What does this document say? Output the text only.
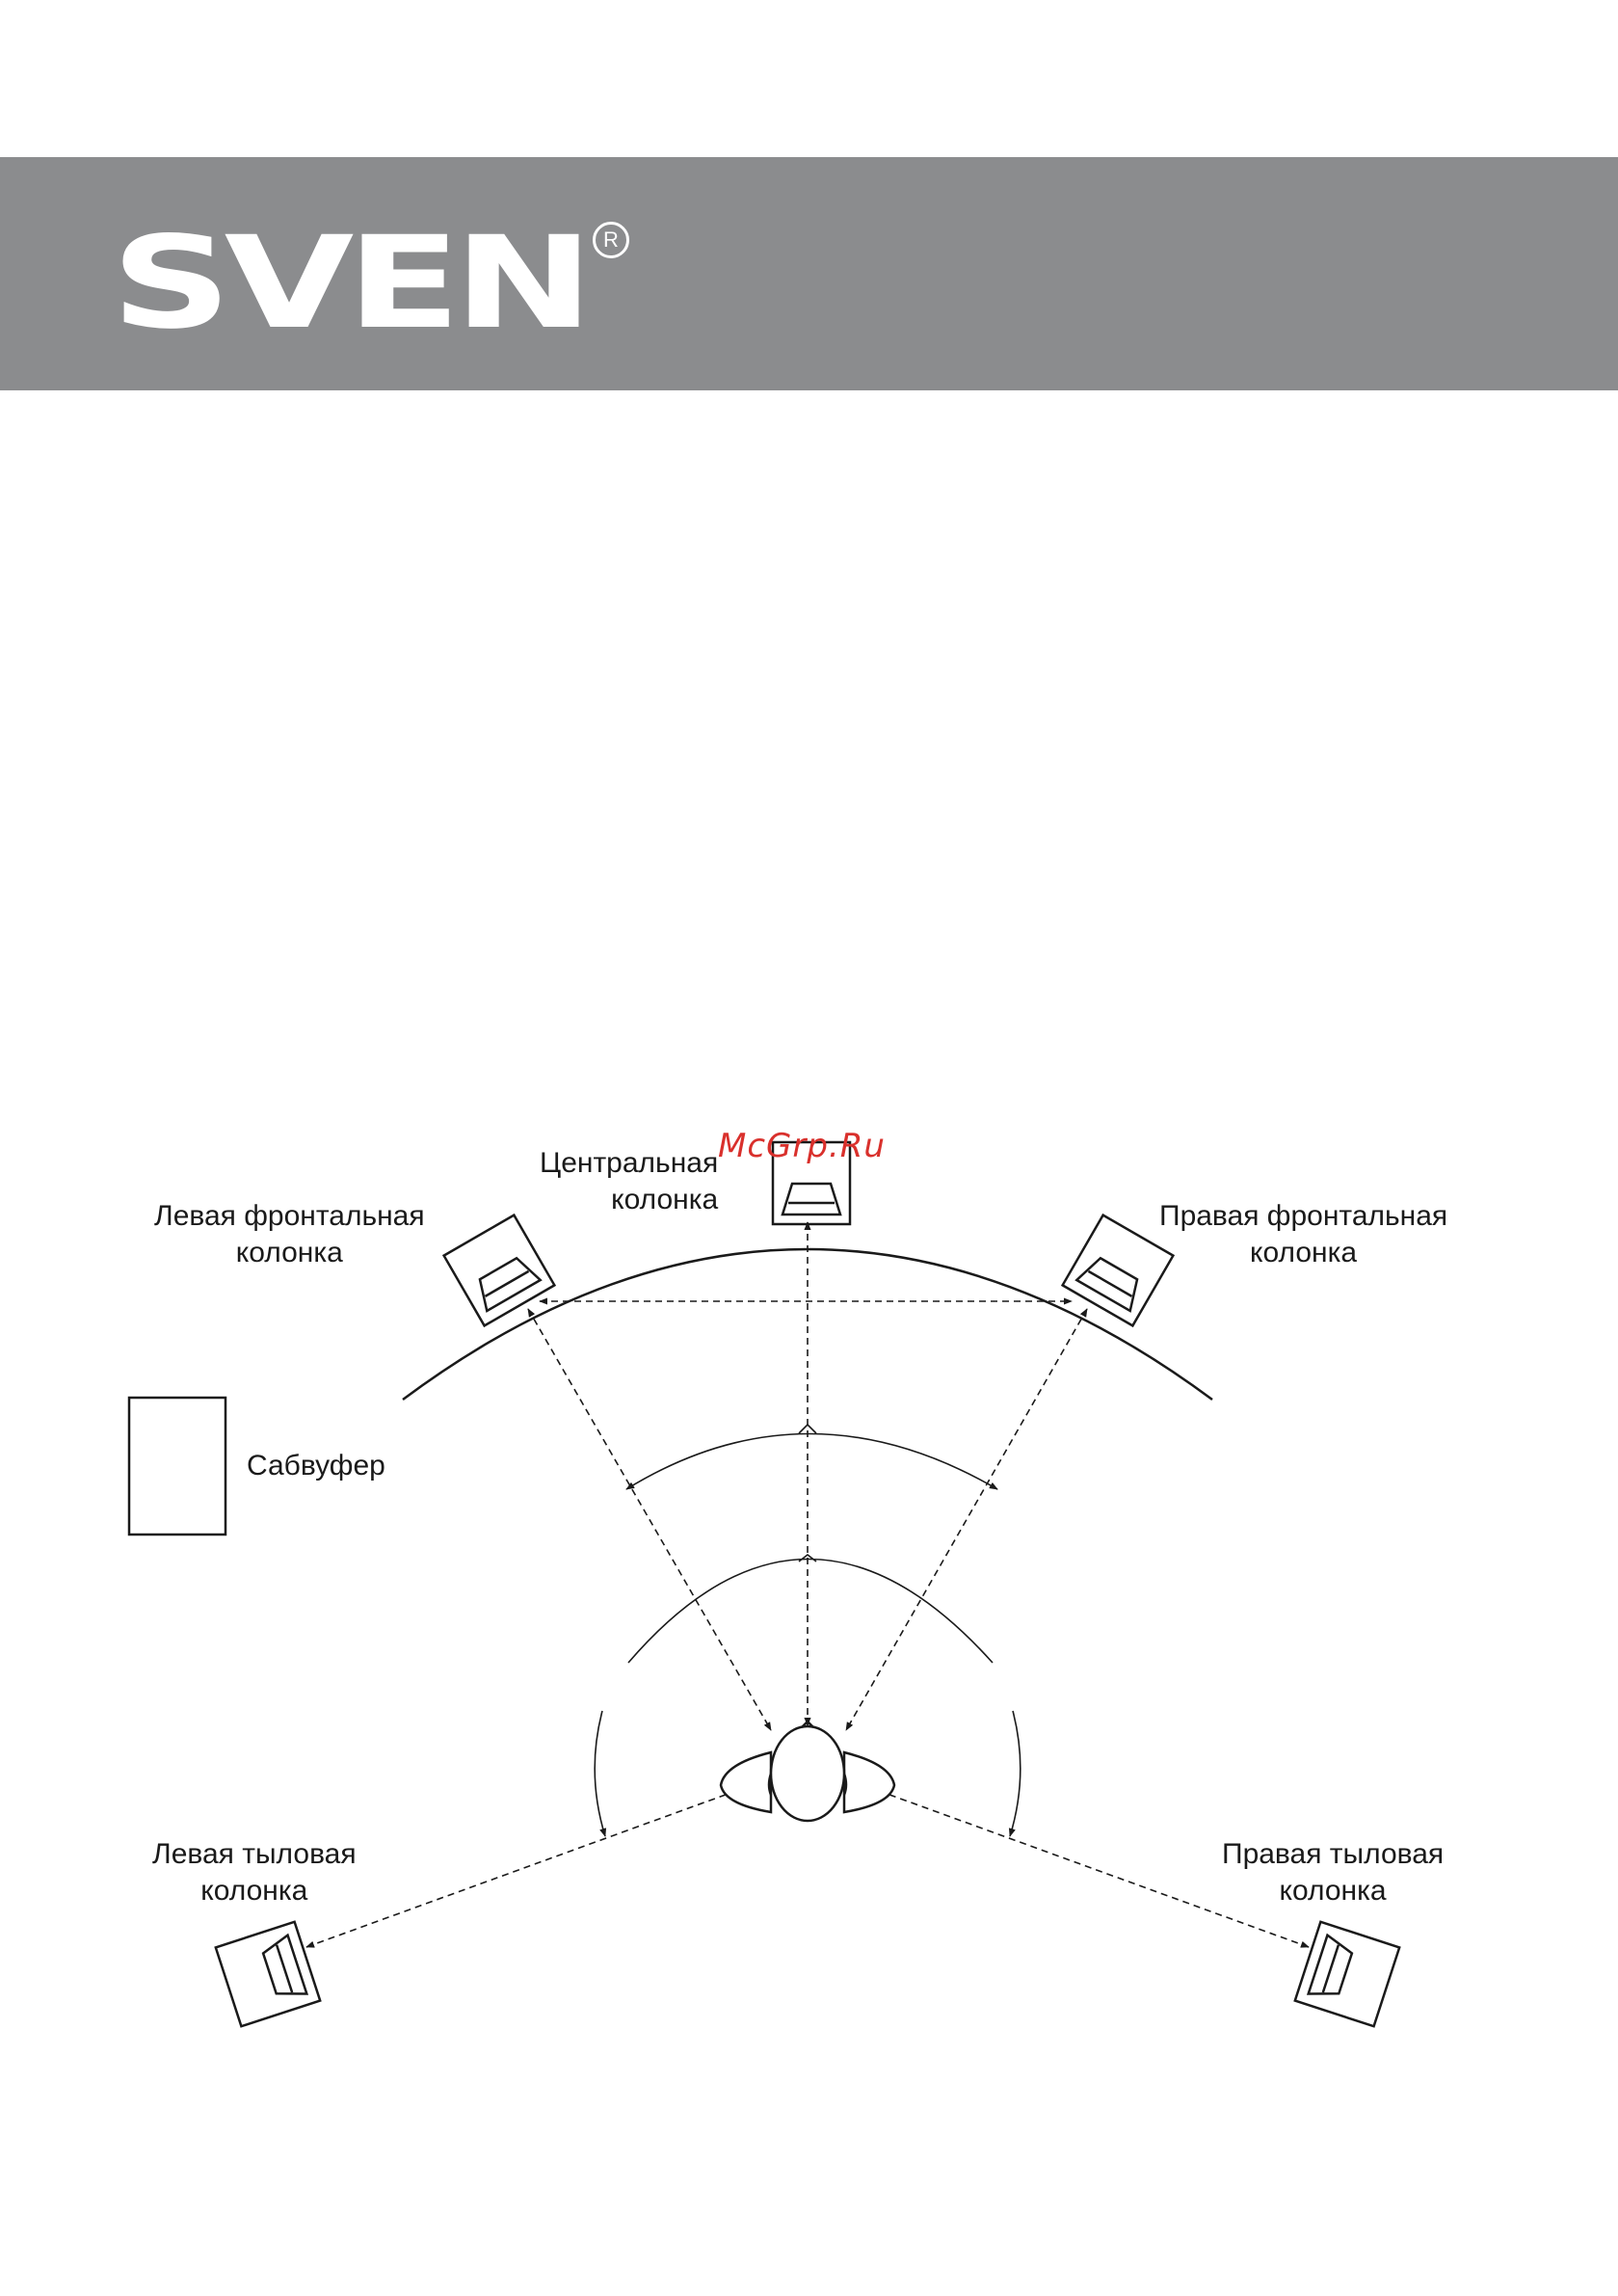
SVEN R
McGrp.Ru
Центральная
колонка
Левая фронтальная
колонка
Правая фронтальная
колонка
Сабвуфер
Левая тыловая
колонка
Правая тыловая
колонка
